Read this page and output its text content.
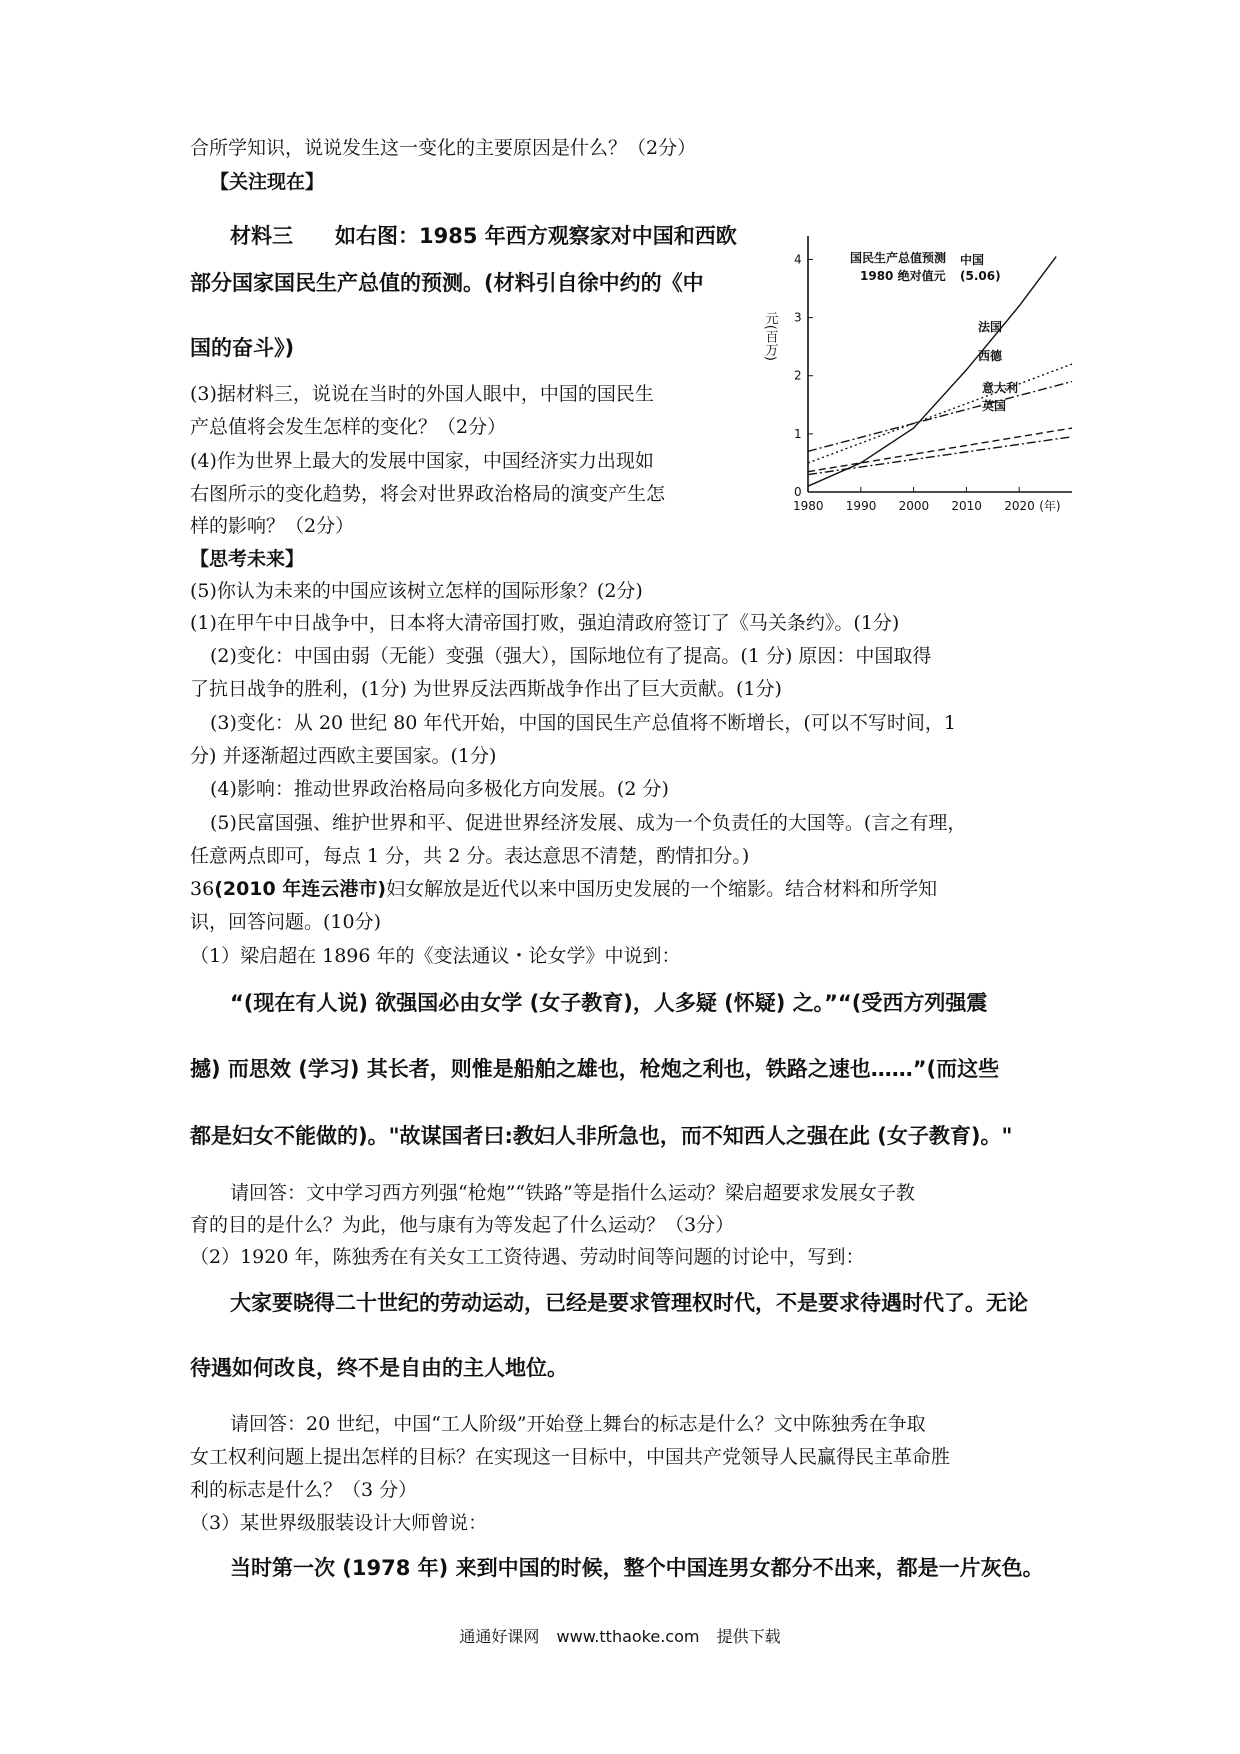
合所学知识，说说发生这一变化的主要原因是什么？（2分）
【关注现在】
材料三　　如右图：1985 年西方观察家对中国和西欧
部分国家国民生产总值的预测。(材料引自徐中约的《中
国的奋斗》)
(3)据材料三，说说在当时的外国人眼中，中国的国民生
产总值将会发生怎样的变化？（2分）
(4)作为世界上最大的发展中国家，中国经济实力出现如
右图所示的变化趋势，将会对世界政治格局的演变产生怎
样的影响？（2分）
【思考未来】
(5)你认为未来的中国应该树立怎样的国际形象？(2分)
(1)在甲午中日战争中，日本将大清帝国打败，强迫清政府签订了《马关条约》。(1分)
(2)变化：中国由弱（无能）变强（强大），国际地位有了提高。(1 分) 原因：中国取得
了抗日战争的胜利，(1分) 为世界反法西斯战争作出了巨大贡献。(1分)
(3)变化：从 20 世纪 80 年代开始，中国的国民生产总值将不断增长，(可以不写时间，1
分) 并逐渐超过西欧主要国家。(1分)
(4)影响：推动世界政治格局向多极化方向发展。(2 分)
(5)民富国强、维护世界和平、促进世界经济发展、成为一个负责任的大国等。(言之有理，
任意两点即可，每点 1 分，共 2 分。表达意思不清楚，酌情扣分。)
36(2010 年连云港市)妇女解放是近代以来中国历史发展的一个缩影。结合材料和所学知
识，回答问题。(10分)
（1）梁启超在 1896 年的《变法通议・论女学》中说到：
“(现在有人说) 欲强国必由女学 (女子教育)，人多疑 (怀疑) 之。”“(受西方列强震
撼) 而思效 (学习) 其长者，则惟是船舶之雄也，枪炮之利也，铁路之速也……”(而这些
都是妇女不能做的)。"故谋国者曰:教妇人非所急也，而不知西人之强在此 (女子教育)。"
请回答：文中学习西方列强“枪炮”“铁路”等是指什么运动？梁启超要求发展女子教
育的目的是什么？为此，他与康有为等发起了什么运动？（3分）
（2）1920 年，陈独秀在有关女工工资待遇、劳动时间等问题的讨论中，写到：
大家要晓得二十世纪的劳动运动，已经是要求管理权时代，不是要求待遇时代了。无论
待遇如何改良，终不是自由的主人地位。
请回答：20 世纪，中国“工人阶级”开始登上舞台的标志是什么？文中陈独秀在争取
女工权利问题上提出怎样的目标？在实现这一目标中，中国共产党领导人民赢得民主革命胜
利的标志是什么？（3 分）
（3）某世界级服装设计大师曾说：
当时第一次 (1978 年) 来到中国的时候，整个中国连男女都分不出来，都是一片灰色。
0
1
2
3
4
1980 1990 2000 2010 2020 (年)
元(百万)
国民生产总值预测
1980 绝对值元
中国
(5.06)
法国
西德
意大利
英国
通通好课网 www.tthaoke.com 提供下载
